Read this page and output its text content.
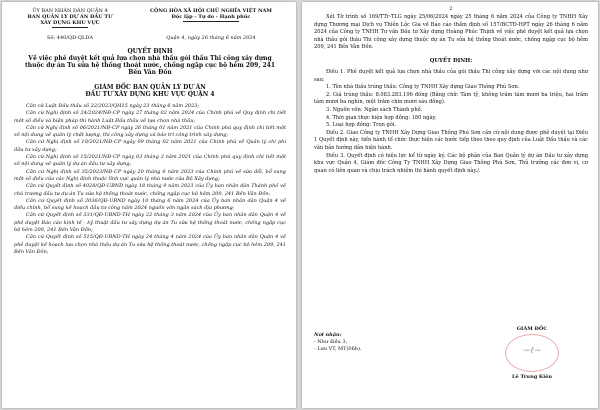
ỦY BAN NHÂN DÂN QUẬN 4
BAN QUẢN LÝ DỰ ÁN ĐẦU TƯ
XÂY DỰNG KHU VỰC
CỘNG HÒA XÃ HỘI CHỦ NGHĨA VIỆT NAM
Độc lập - Tự do - Hạnh phúc
Số: 440/QĐ-QLDA	Quận 4, ngày 26 tháng 6 năm 2024
QUYẾT ĐỊNH
Về việc phê duyệt kết quả lựa chọn nhà thầu gói thầu Thi công xây dựng
thuộc dự án Tu sửa hệ thống thoát nước, chống ngập cục bộ hẻm 209, 241
Bến Vân Đồn
GIÁM ĐỐC BAN QUẢN LÝ DỰ ÁN
ĐẦU TƯ XÂY DỰNG KHU VỰC QUẬN 4

Căn cứ Luật Đấu thầu số 22/2023/QH15 ngày 23 tháng 6 năm 2023;

Căn cứ Nghị định số 24/2024/NĐ-CP ngày 27 tháng 02 năm 2024 của Chính phủ về Quy định chi tiết một số điều và biện pháp thi hành Luật Đấu thầu về lựa chọn nhà thầu;

Căn cứ Nghị định số 06/2021/NĐ-CP ngày 26 tháng 01 năm 2021 của Chính phủ quy định chi tiết một số nội dung về quản lý chất lượng, thi công xây dựng và bảo trì công trình xây dựng;

Căn cứ Nghị định số 10/2021/NĐ-CP ngày 09 tháng 02 năm 2021 của Chính phủ về Quản lý chi phí đầu tư xây dựng;

Căn cứ Nghị định số 15/2021/NĐ-CP ngày 03 tháng 3 năm 2021 của Chính phủ quy định chi tiết một số nội dung về quản lý dự án đầu tư xây dựng;

Căn cứ Nghị định số 35/2023/NĐ-CP ngày 20 tháng 6 năm 2023 của Chính phủ về sửa đổi, bổ sung một số điều của các Nghị định thuộc lĩnh vực quản lý nhà nước của Bộ Xây dựng;

Căn cứ Quyết định số 4028/QĐ-UBND ngày 18 tháng 9 năm 2023 của Ủy ban nhân dân Thành phố về chủ trương đầu tư dự án Tu sửa hệ thống thoát nước, chống ngập cục bộ hẻm 209, 241 Bến Vân Đồn;

Căn cứ Quyết định số 2036/QĐ-UBND ngày 10 tháng 6 năm 2024 của Ủy ban nhân dân Quận 4 về điều chỉnh, bổ sung kế hoạch đầu tư công năm 2024 nguồn vốn ngân sách địa phương;

Căn cứ Quyết định số 331/QĐ-UBND-TH ngày 22 tháng 3 năm 2024 của Ủy ban nhân dân Quận 4 về phê duyệt Báo cáo kinh tế - kỹ thuật đầu tư xây dựng dự án Tu sửa hệ thống thoát nước, chống ngập cục bộ hẻm 209, 241 Bến Vân Đồn;

Căn cứ Quyết định số 515/QĐ-UBND-TH ngày 24 tháng 4 năm 2024 của Ủy ban nhân dân Quận 4 về phê duyệt kế hoạch lựa chọn nhà thầu dự án Tu sửa hệ thống thoát nước, chống ngập cục bộ hẻm 209, 241 Bến Vân Đồn;

2

Xét Tờ trình số 169/TTr-TLG ngày 25/06/2024 ngày 25 tháng 6 năm 2024 của Công ty TNHH Xây dựng Thương mại Dịch vụ Thiên Lộc Gia về Báo cáo thẩm định số 157/BCTĐ-HPT ngày 26 tháng 6 năm 2024 của Công ty TNHH Tư vấn Đầu tư Xây dựng Hoàng Phúc Thịnh về việc phê duyệt kết quả lựa chọn nhà thầu gói thầu Thi công xây dựng thuộc dự án Tu sửa hệ thống thoát nước, chống ngập cục bộ hẻm 209, 241 Bến Vân Đồn.

QUYẾT ĐỊNH:

Điều 1. Phê duyệt kết quả lựa chọn nhà thầu của gói thầu Thi công xây dựng với các nội dung như sau:

1. Tên nhà thầu trúng thầu: Công ty TNHH Xây dựng Giao Thông Phú Sơn.

2. Giá trúng thầu: 8.083.283.196 đồng (Bằng chữ: Tám tỷ, không trăm tám mươi ba triệu, hai trăm tám mươi ba nghìn, một trăm chín mươi sáu đồng).

3. Nguồn vốn: Ngân sách Thành phố.

4. Thời gian thực hiện hợp đồng: 180 ngày.

5. Loại hợp đồng: Trọn gói.

Điều 2. Giao Công ty TNHH Xây Dựng Giao Thông Phú Sơn căn cứ nội dung được phê duyệt tại Điều 1 Quyết định này, tiến hành tổ chức thực hiện các bước tiếp theo theo quy định của Luật Đấu thầu và các văn bản hướng dẫn hiện hành.

Điều 3. Quyết định có hiệu lực kể từ ngày ký. Các bộ phận của Ban Quản lý dự án Đầu tư xây dựng khu vực Quận 4, Giám đốc Công Ty TNHH Xây Dựng Giao Thông Phú Sơn, Thủ trưởng các đơn vị, cơ quan có liên quan và chịu trách nhiệm thi hành quyết định này./.

Nơi nhận:
- Như điều 3;
- Lưu VT, MT(06b).
GIÁM ĐỐC
∼ℓ∼
Lê Trung Kiên
